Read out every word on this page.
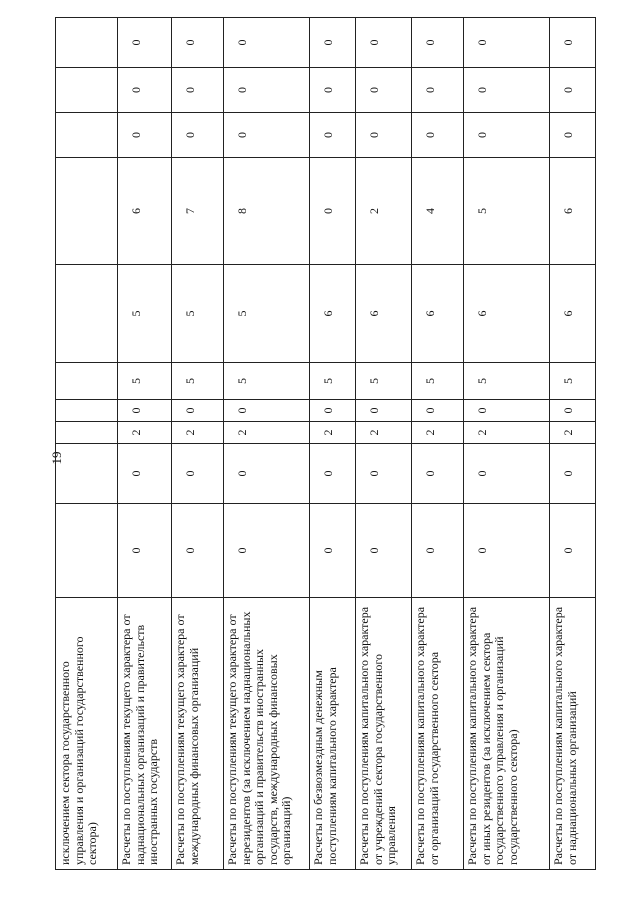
19
исключением сектора государственного управления и организаций государственного сектора)										
Расчеты по поступлениям текущего характера от наднациональных организаций и правительств иностранных государств	0	0	2	0	5	5	6	0	0	0
Расчеты по поступлениям текущего характера от международных финансовых организаций	0	0	2	0	5	5	7	0	0	0
Расчеты по поступлениям текущего характера от нерезидентов (за исключением наднациональных организаций и правительств иностранных государств, международных финансовых организаций)	0	0	2	0	5	5	8	0	0	0
Расчеты по безвозмездным денежным поступлениям капитального характера	0	0	2	0	5	6	0	0	0	0
Расчеты по поступлениям капитального характера от учреждений сектора государственного управления	0	0	2	0	5	6	2	0	0	0
Расчеты по поступлениям капитального характера от организаций государственного сектора	0	0	2	0	5	6	4	0	0	0
Расчеты по поступлениям капитального характера от иных резидентов (за исключением сектора государственного управления и организаций государственного сектора)	0	0	2	0	5	6	5	0	0	0
Расчеты по поступлениям капитального характера от наднациональных организаций	0	0	2	0	5	6	6	0	0	0
